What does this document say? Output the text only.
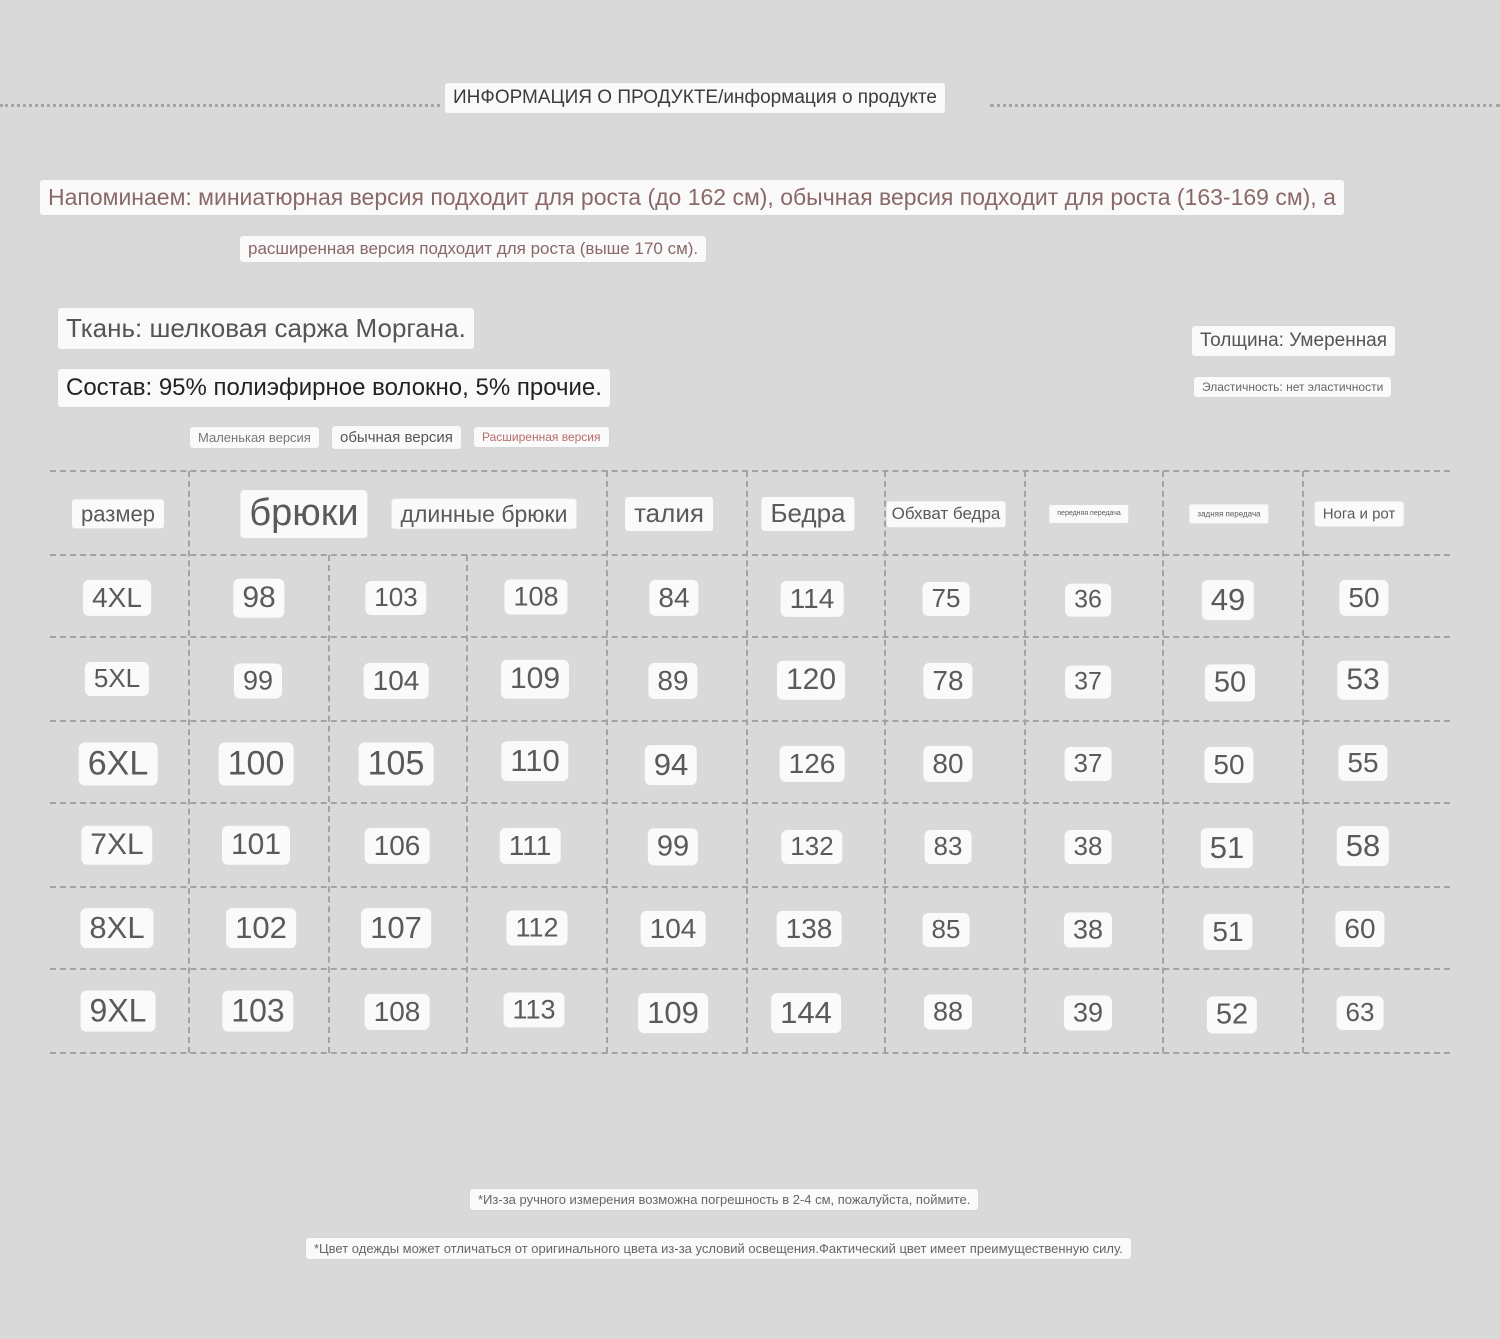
ИНФОРМАЦИЯ О ПРОДУКТЕ/информация о продукте
Напоминаем: миниатюрная версия подходит для роста (до 162 см), обычная версия подходит для роста (163-169 см), а
расширенная версия подходит для роста (выше 170 см).
Ткань: шелковая саржа Моргана.
Состав: 95% полиэфирное волокно, 5% прочие.
Толщина: Умеренная
Эластичность: нет эластичности
Маленькая версия	обычная версия	Расширенная версия
размер брюки	длинные брюки	талия	Бедра	Обхват бедра	передняя передача	задняя передача	Нога и рот
4XL	98	103	108	84	114	75	36	49	50
5XL	99	104	109	89	120	78	37	50	53
6XL 100 105	110	94	126	80	37	50	55
7XL	101	106	111	99	132	83	38	51	58
8XL	102	107	112	104	138	85	38	51	60
9XL	103	108	113	109	144	88	39	52	63
*Из-за ручного измерения возможна погрешность в 2-4 см, пожалуйста, поймите.
*Цвет одежды может отличаться от оригинального цвета из-за условий освещения.Фактический цвет имеет преимущественную силу.
